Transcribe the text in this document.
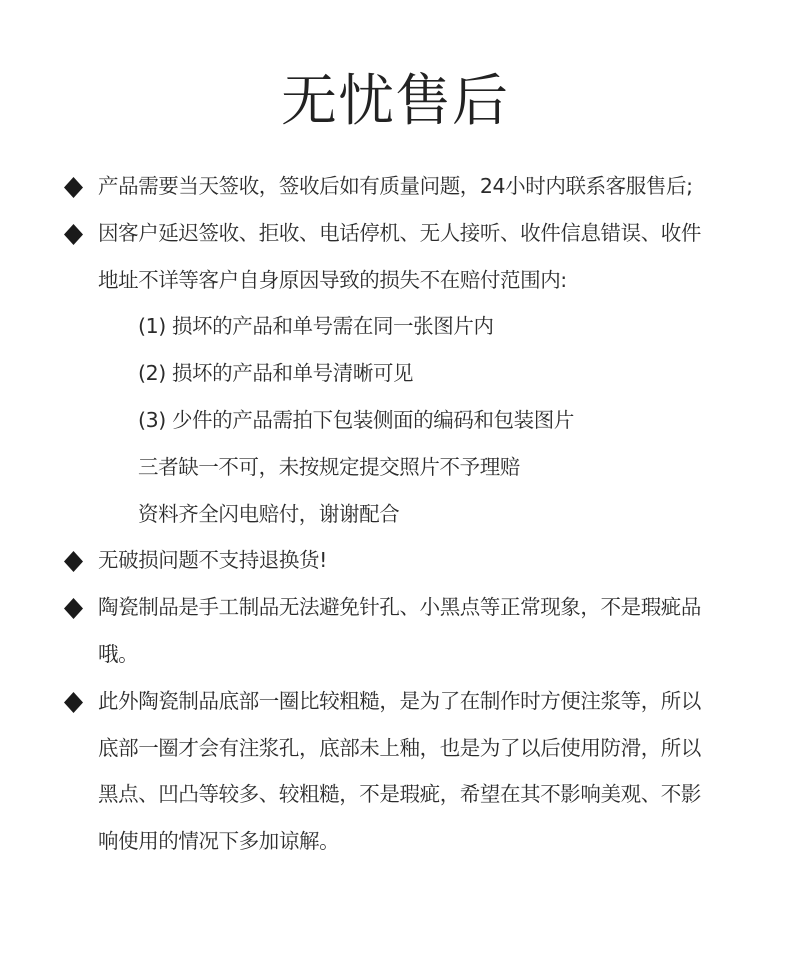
无忧售后
产品需要当天签收，签收后如有质量问题，24小时内联系客服售后;
因客户延迟签收、拒收、电话停机、无人接听、收件信息错误、收件
地址不详等客户自身原因导致的损失不在赔付范围内:
(1) 损坏的产品和单号需在同一张图片内
(2) 损坏的产品和单号清晰可见
(3) 少件的产品需拍下包装侧面的编码和包装图片
三者缺一不可，未按规定提交照片不予理赔
资料齐全闪电赔付，谢谢配合
无破损问题不支持退换货!
陶瓷制品是手工制品无法避免针孔、小黑点等正常现象，不是瑕疵品
哦。
此外陶瓷制品底部一圈比较粗糙，是为了在制作时方便注浆等，所以
底部一圈才会有注浆孔，底部未上釉，也是为了以后使用防滑，所以
黑点、凹凸等较多、较粗糙，不是瑕疵，希望在其不影响美观、不影
响使用的情况下多加谅解。
